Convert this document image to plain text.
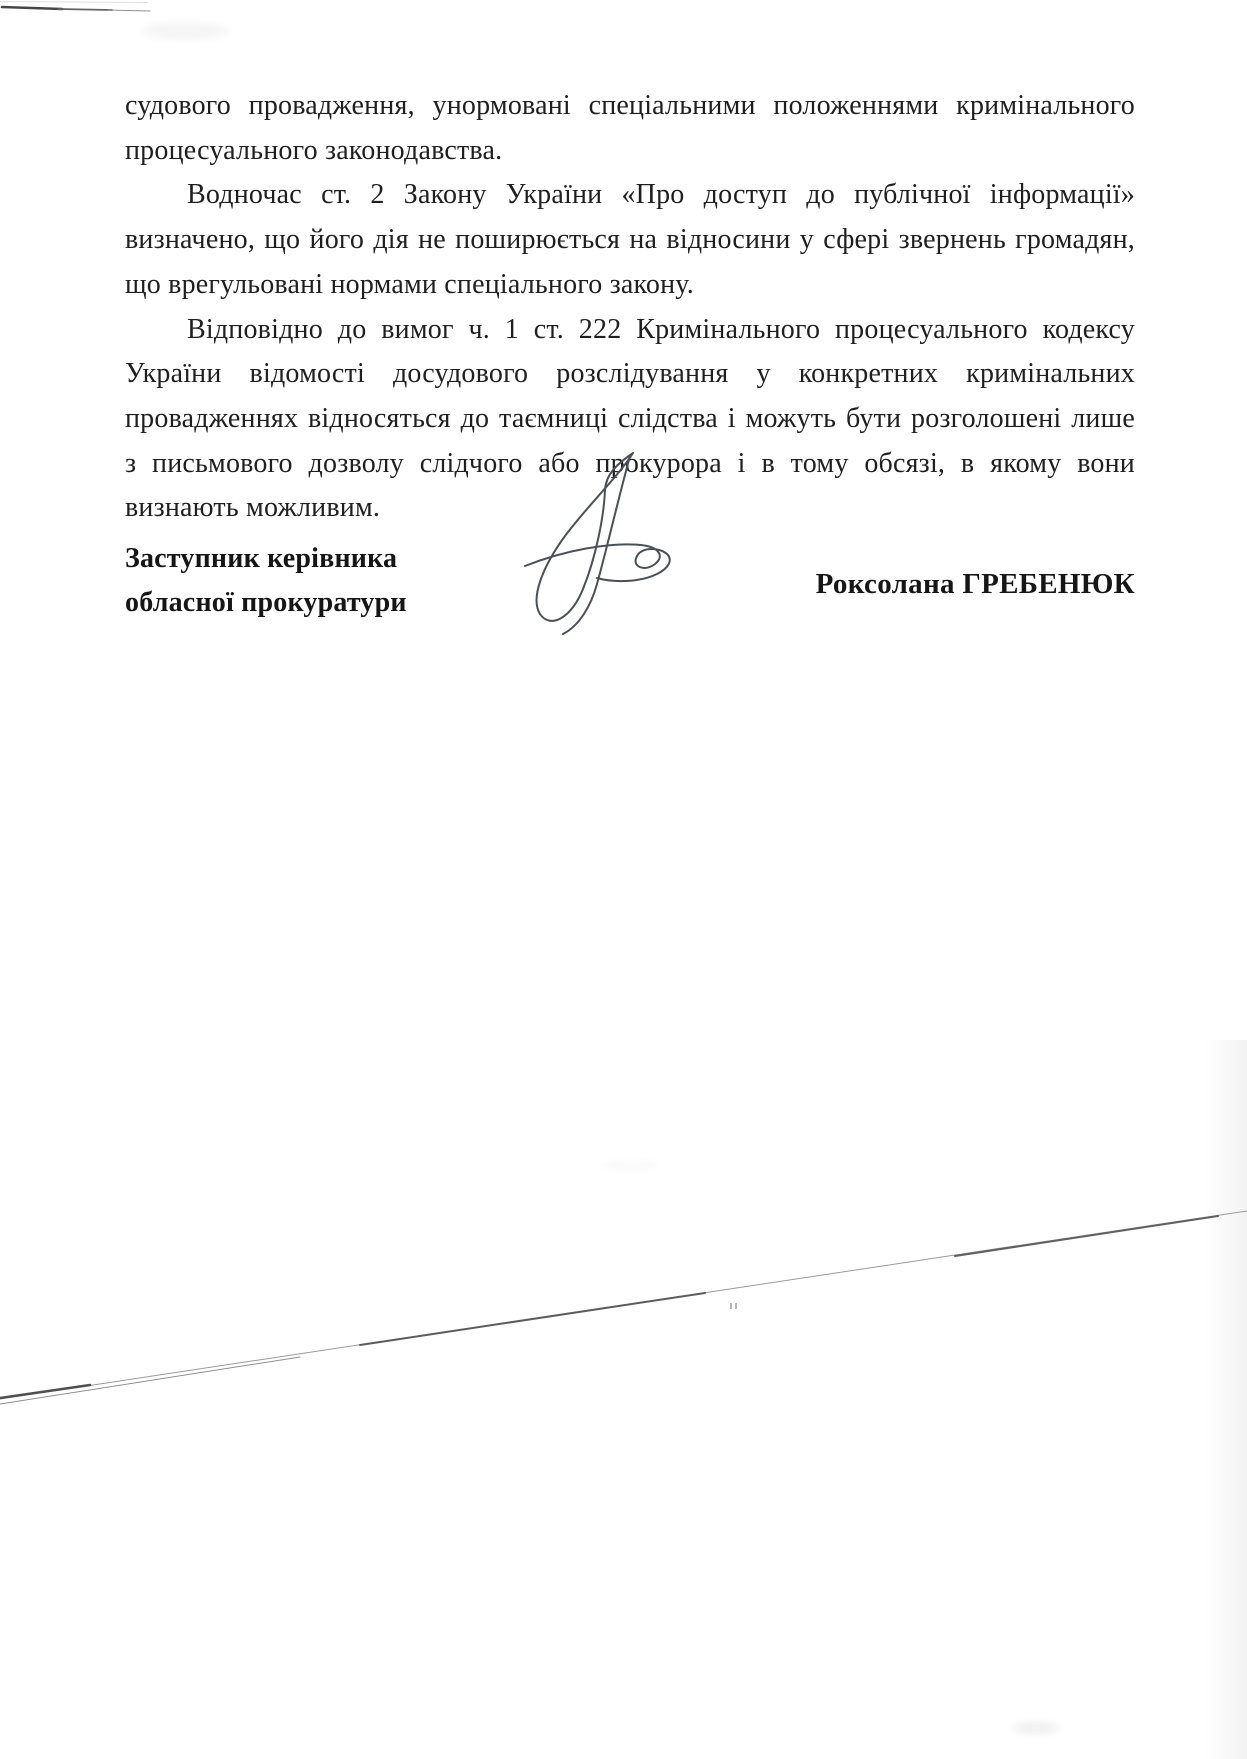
судового провадження, унормовані спеціальними положеннями кримінального
процесуального законодавства.
Водночас ст. 2 Закону України «Про доступ до публічної інформації»
визначено, що його дія не поширюється на відносини у сфері звернень громадян,
що врегульовані нормами спеціального закону.
Відповідно до вимог ч. 1 ст. 222 Кримінального процесуального кодексу
України відомості досудового розслідування у конкретних кримінальних
провадженнях відносяться до таємниці слідства і можуть бути розголошені лише
з письмового дозволу слідчого або прокурора і в тому обсязі, в якому вони
визнають можливим.
Заступник керівника
обласної прокуратури
Роксолана ГРЕБЕНЮК
